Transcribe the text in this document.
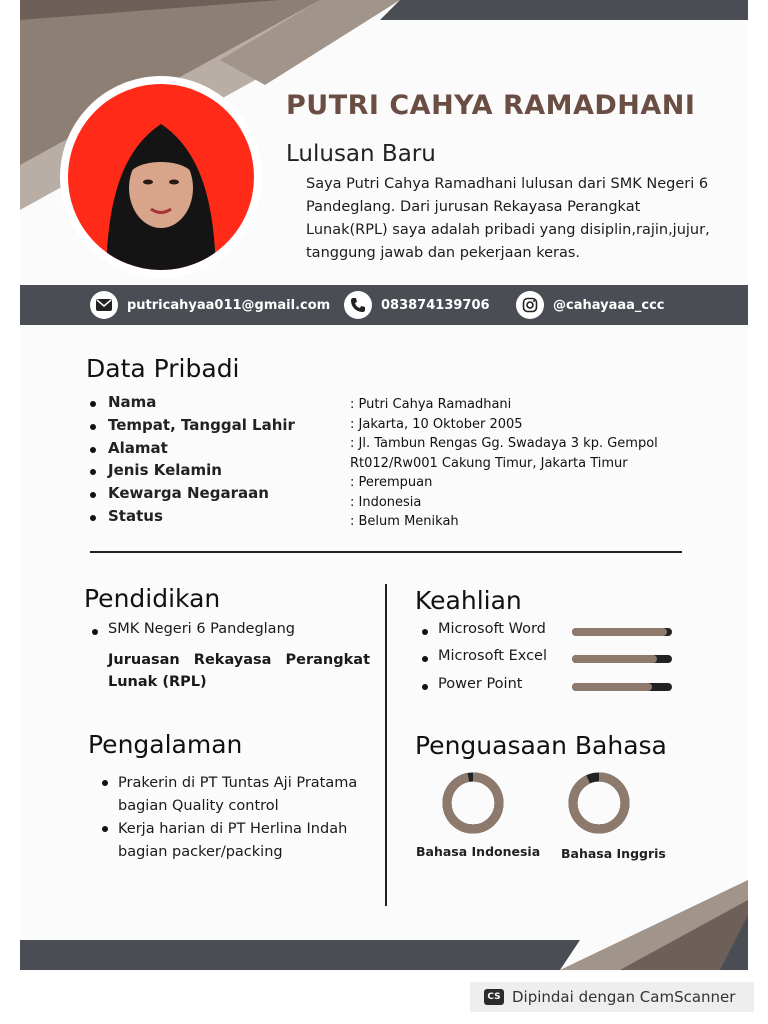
PUTRI CAHYA RAMADHANI
Lulusan Baru
Saya Putri Cahya Ramadhani lulusan dari SMK Negeri 6 Pandeglang. Dari jurusan Rekayasa Perangkat Lunak(RPL) saya adalah pribadi yang disiplin,rajin,jujur, tanggung jawab dan pekerjaan keras.
putricahyaa011@gmail.com	083874139706	@cahayaaa_ccc
Data Pribadi
Nama
Tempat, Tanggal Lahir
Alamat
Jenis Kelamin
Kewarga Negaraan
Status
: Putri Cahya Ramadhani
: Jakarta, 10 Oktober 2005
: Jl. Tambun Rengas Gg. Swadaya 3 kp. Gempol
Rt012/Rw001 Cakung Timur, Jakarta Timur
: Perempuan
: Indonesia
: Belum Menikah
Pendidikan
SMK Negeri 6 Pandeglang
Juruasan Rekayasa Perangkat Lunak (RPL)
Pengalaman
Prakerin di PT Tuntas Aji Pratama bagian Quality control
Kerja harian di PT Herlina Indah bagian packer/packing
Keahlian
Microsoft Word
Microsoft Excel
Power Point
Penguasaan Bahasa
Bahasa Indonesia Bahasa Inggris
CS Dipindai dengan CamScanner
